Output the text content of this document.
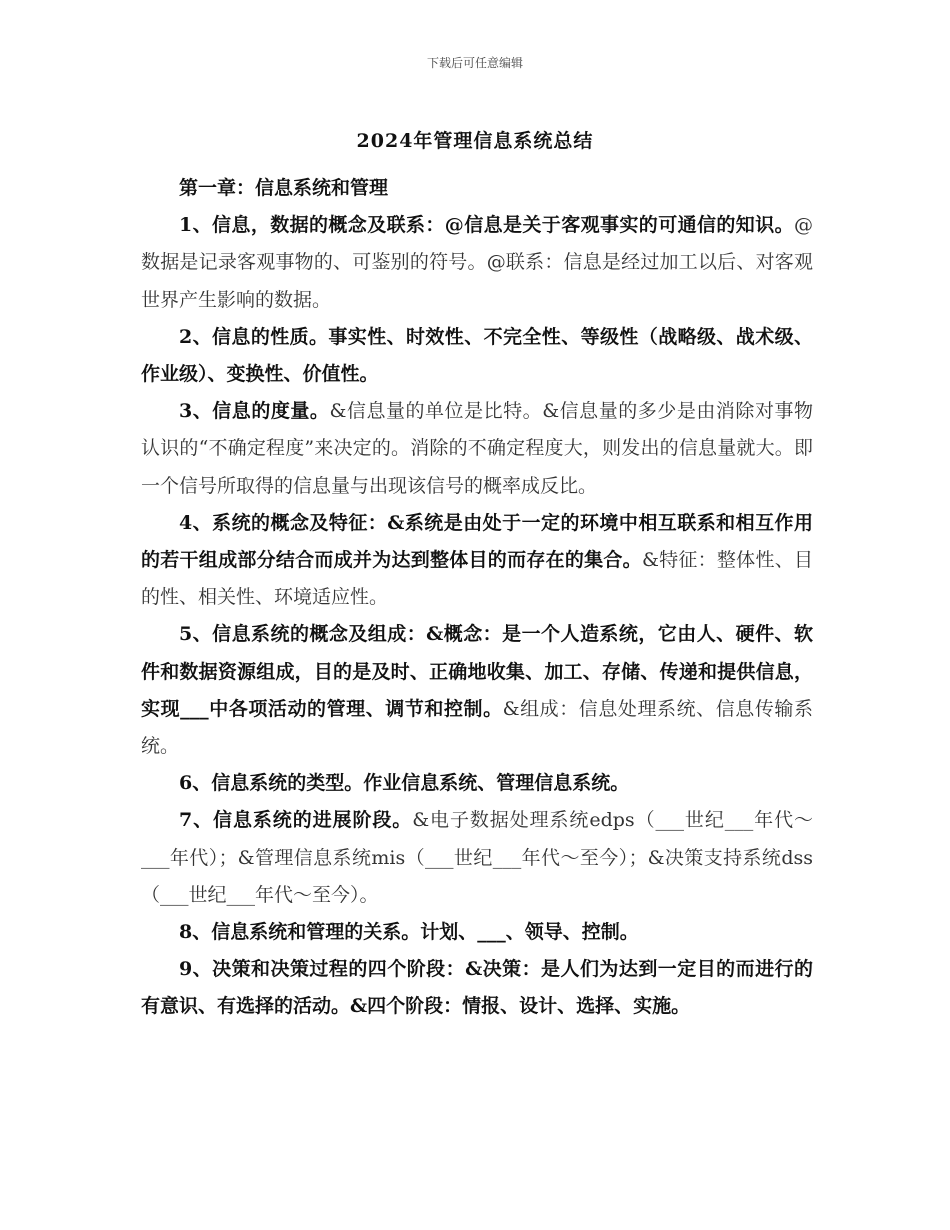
下载后可任意编辑
2024年管理信息系统总结

第一章：信息系统和管理

1、信息，数据的概念及联系：@信息是关于客观事实的可通信的知识。@数据是记录客观事物的、可鉴别的符号。@联系：信息是经过加工以后、对客观世界产生影响的数据。

2、信息的性质。事实性、时效性、不完全性、等级性（战略级、战术级、作业级）、变换性、价值性。

3、信息的度量。&信息量的单位是比特。&信息量的多少是由消除对事物认识的“不确定程度”来决定的。消除的不确定程度大，则发出的信息量就大。即一个信号所取得的信息量与出现该信号的概率成反比。

4、系统的概念及特征：&系统是由处于一定的环境中相互联系和相互作用的若干组成部分结合而成并为达到整体目的而存在的集合。&特征：整体性、目的性、相关性、环境适应性。

5、信息系统的概念及组成：&概念：是一个人造系统，它由人、硬件、软件和数据资源组成，目的是及时、正确地收集、加工、存储、传递和提供信息，实现___中各项活动的管理、调节和控制。&组成：信息处理系统、信息传输系统。

6、信息系统的类型。作业信息系统、管理信息系统。

7、信息系统的进展阶段。&电子数据处理系统edps（___世纪___年代～___年代）；&管理信息系统mis（___世纪___年代～至今）；&决策支持系统dss（___世纪___年代～至今）。

8、信息系统和管理的关系。计划、___、领导、控制。

9、决策和决策过程的四个阶段：&决策：是人们为达到一定目的而进行的有意识、有选择的活动。&四个阶段：情报、设计、选择、实施。
